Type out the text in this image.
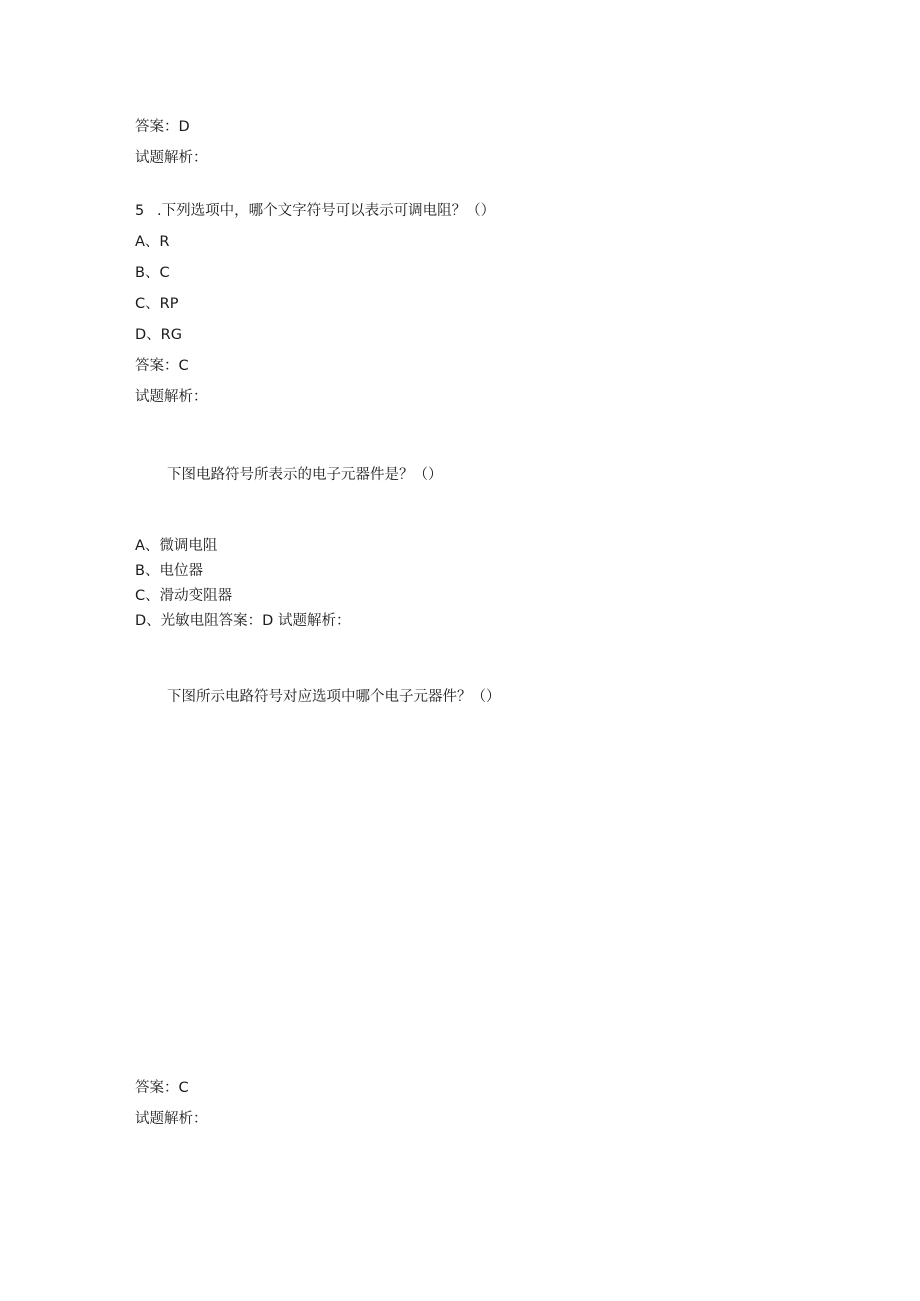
答案：D
试题解析：
5 .下列选项中，哪个文字符号可以表示可调电阻？（）
A、R
B、C
C、RP
D、RG
答案：C
试题解析：
下图电路符号所表示的电子元器件是？（）
A、微调电阻
B、电位器
C、滑动变阻器
D、光敏电阻答案：D 试题解析：
下图所示电路符号对应选项中哪个电子元器件？（）
答案：C
试题解析：
